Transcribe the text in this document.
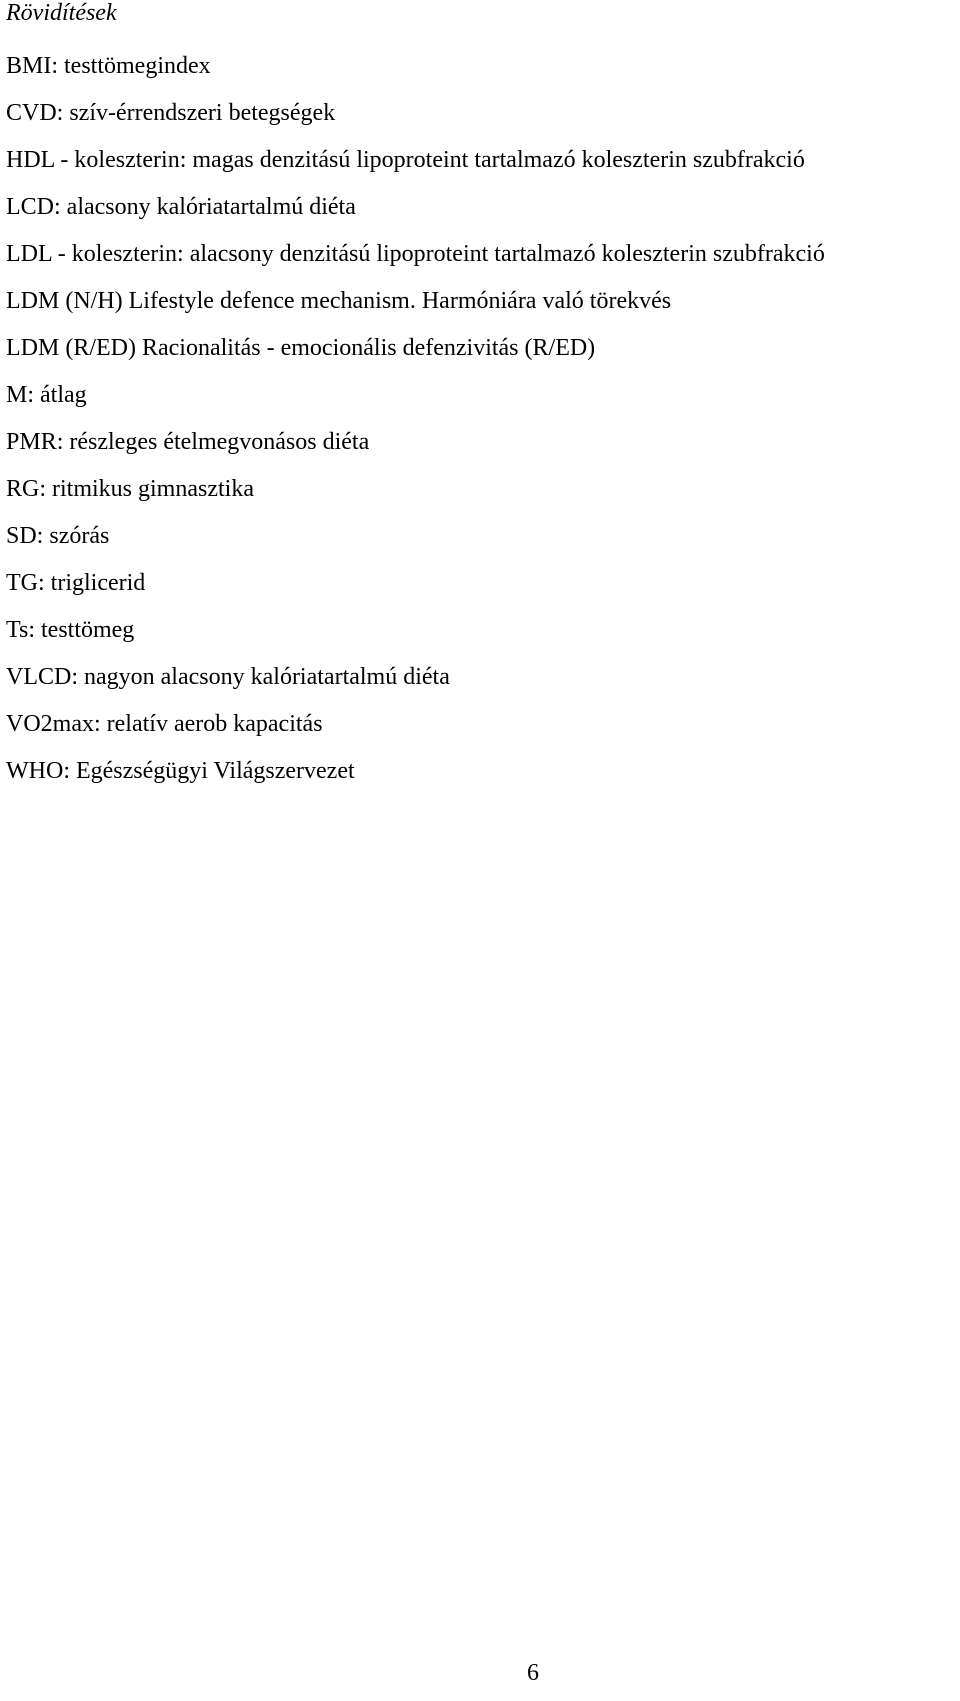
Rövidítések
BMI: testtömegindex
CVD: szív-érrendszeri betegségek
HDL - koleszterin: magas denzitású lipoproteint tartalmazó koleszterin szubfrakció
LCD: alacsony kalóriatartalmú diéta
LDL - koleszterin: alacsony denzitású lipoproteint tartalmazó koleszterin szubfrakció
LDM (N/H) Lifestyle defence mechanism. Harmóniára való törekvés
LDM (R/ED) Racionalitás - emocionális defenzivitás (R/ED)
M: átlag
PMR: részleges ételmegvonásos diéta
RG: ritmikus gimnasztika
SD: szórás
TG: triglicerid
Ts: testtömeg
VLCD: nagyon alacsony kalóriatartalmú diéta
VO2max: relatív aerob kapacitás
WHO: Egészségügyi Világszervezet
6
